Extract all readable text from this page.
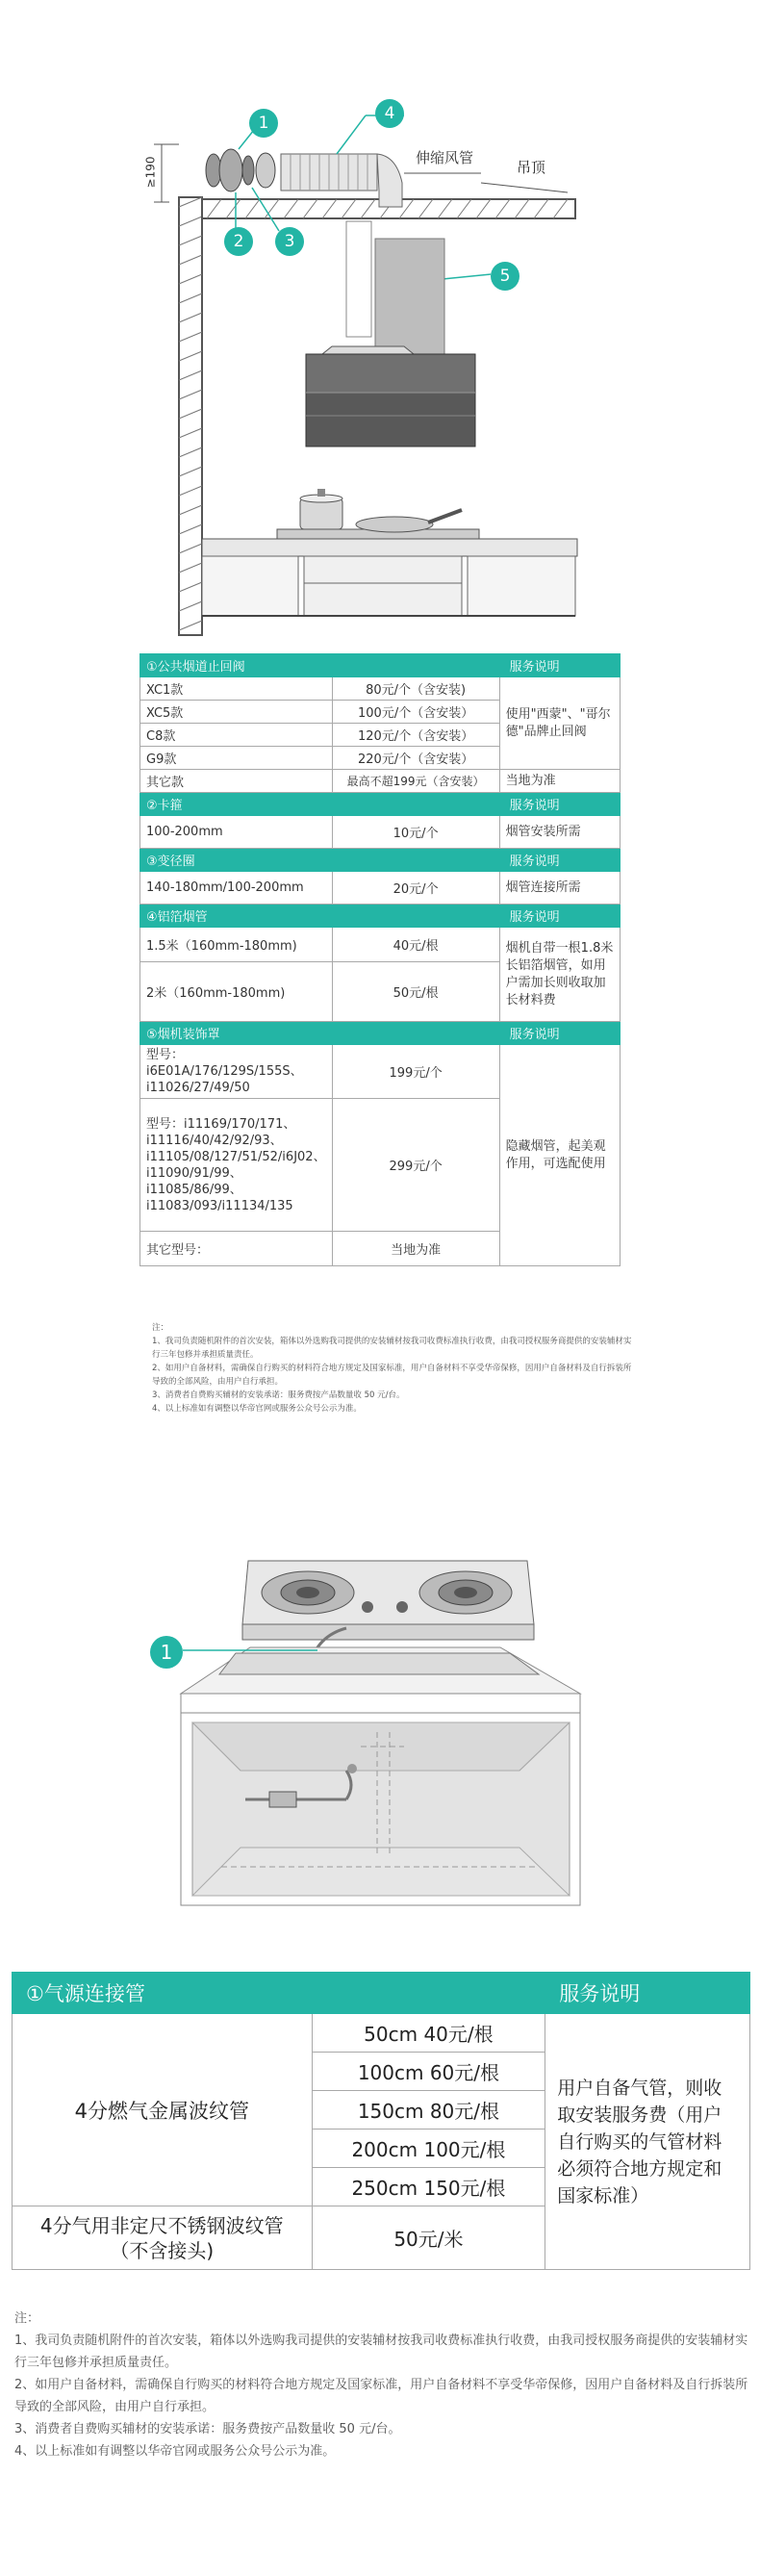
1
2	3
4
5
伸缩风管
吊顶
≥190
①公共烟道止回阀		服务说明
XC1款	80元/个（含安装)	使用"西蒙"、"哥尔德"品牌止回阀
XC5款	100元/个（含安装）	
C8款	120元/个（含安装）	
G9款	220元/个（含安装）	
其它款	最高不超199元（含安装）	当地为准
②卡箍		服务说明
100-200mm	10元/个	烟管安装所需
③变径圈		服务说明
140-180mm/100-200mm	20元/个	烟管连接所需
④铝箔烟管		服务说明
1.5米（160mm-180mm)	40元/根	烟机自带一根1.8米长铝箔烟管，如用户需加长则收取加长材料费
2米（160mm-180mm)	50元/根	
⑤烟机装饰罩		服务说明
型号：i6E01A/176/129S/155S、i11026/27/49/50	199元/个	隐藏烟管，起美观作用，可选配使用
型号：i11169/170/171、i11116/40/42/92/93、i11105/08/127/51/52/i6J02、i11090/91/99、i11085/86/99、i11083/093/i11134/135	299元/个	
其它型号：	当地为准	
注：
1、我司负责随机附件的首次安装，箱体以外选购我司提供的安装辅材按我司收费标准执行收费，由我司授权服务商提供的安装辅材实行三年包修并承担质量责任。
2、如用户自备材料，需确保自行购买的材料符合地方规定及国家标准，用户自备材料不享受华帝保修，因用户自备材料及自行拆装所导致的全部风险，由用户自行承担。
3、消费者自费购买辅材的安装承诺：服务费按产品数量收 50 元/台。
4、以上标准如有调整以华帝官网或服务公众号公示为准。
1
①气源连接管		服务说明
4分燃气金属波纹管	50cm 40元/根	用户自备气管，则收取安装服务费（用户自行购买的气管材料必须符合地方规定和国家标准）
	100cm 60元/根	
	150cm 80元/根	
	200cm 100元/根	
	250cm 150元/根	
4分气用非定尺不锈钢波纹管（不含接头)	50元/米	
注：
1、我司负责随机附件的首次安装，箱体以外选购我司提供的安装辅材按我司收费标准执行收费，由我司授权服务商提供的安装辅材实行三年包修并承担质量责任。
2、如用户自备材料，需确保自行购买的材料符合地方规定及国家标准，用户自备材料不享受华帝保修，因用户自备材料及自行拆装所导致的全部风险，由用户自行承担。
3、消费者自费购买辅材的安装承诺：服务费按产品数量收 50 元/台。
4、以上标准如有调整以华帝官网或服务公众号公示为准。
